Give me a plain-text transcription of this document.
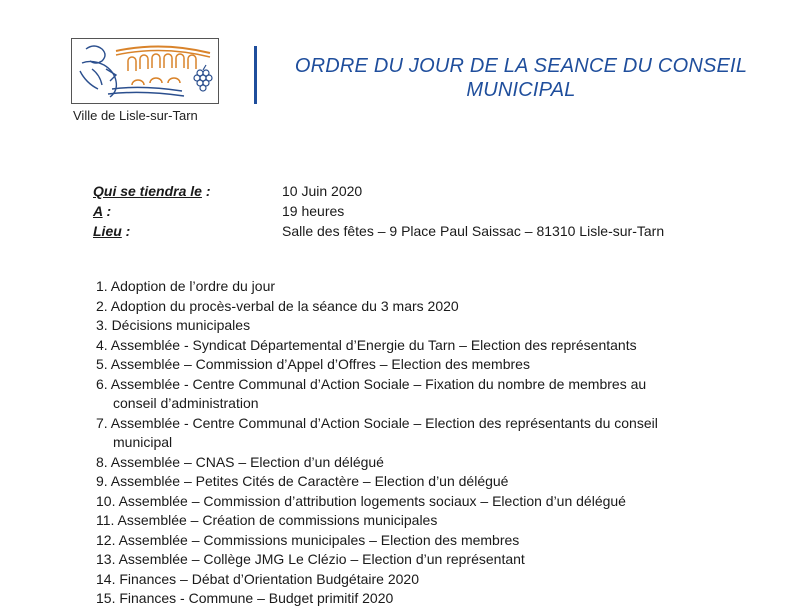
Ville de Lisle-sur-Tarn
ORDRE DU JOUR DE LA SEANCE DU CONSEIL
MUNICIPAL
Qui se tiendra le :	10 Juin 2020
A :	19 heures
Lieu :	Salle des fêtes – 9 Place Paul Saissac – 81310 Lisle-sur-Tarn
1. Adoption de l’ordre du jour
2. Adoption du procès-verbal de la séance du 3 mars 2020
3. Décisions municipales
4. Assemblée - Syndicat Départemental d’Energie du Tarn – Election des représentants
5. Assemblée – Commission d’Appel d’Offres – Election des membres
6. Assemblée - Centre Communal d’Action Sociale – Fixation du nombre de membres au
conseil d’administration
7. Assemblée - Centre Communal d’Action Sociale – Election des représentants du conseil
municipal
8. Assemblée – CNAS – Election d’un délégué
9. Assemblée – Petites Cités de Caractère – Election d’un délégué
10. Assemblée – Commission d’attribution logements sociaux – Election d’un délégué
11. Assemblée – Création de commissions municipales
12. Assemblée – Commissions municipales – Election des membres
13. Assemblée – Collège JMG Le Clézio – Election d’un représentant
14. Finances – Débat d’Orientation Budgétaire 2020
15. Finances - Commune – Budget primitif 2020
